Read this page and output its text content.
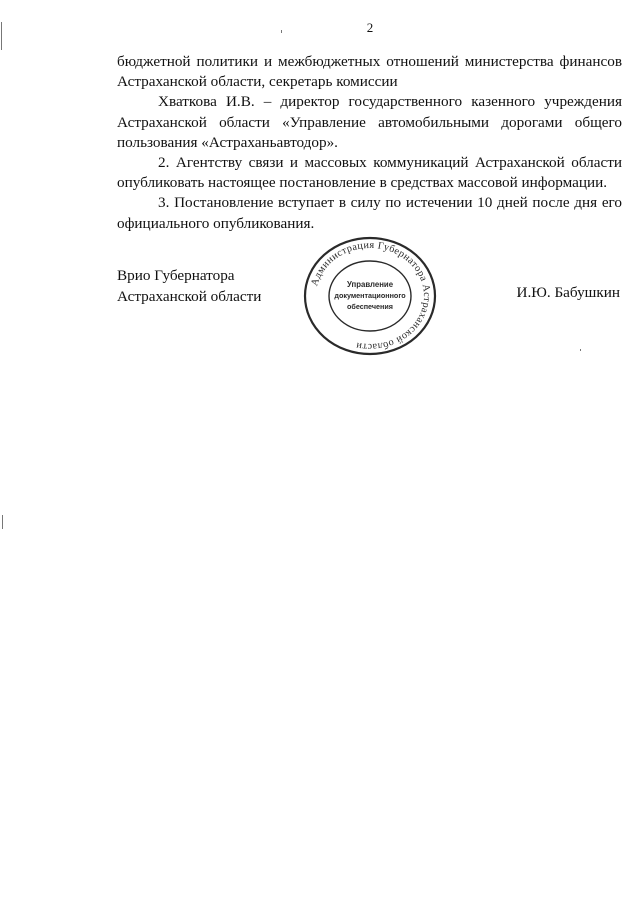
2

бюджетной политики и межбюджетных отношений министерства финансов Астраханской области, секретарь комиссии

Хваткова И.В. – директор государственного казенного учреждения Астраханской области «Управление автомобильными дорогами общего пользования «Астраханьавтодор».

2. Агентству связи и массовых коммуникаций Астраханской области опубликовать настоящее постановление в средствах массовой информации.

3. Постановление вступает в силу по истечении 10 дней после дня его официального опубликования.

Врио Губернатора
Астраханской области
Администрация Губернатора Астраханской области
Управление
документационного
обеспечения
И.Ю. Бабушкин
